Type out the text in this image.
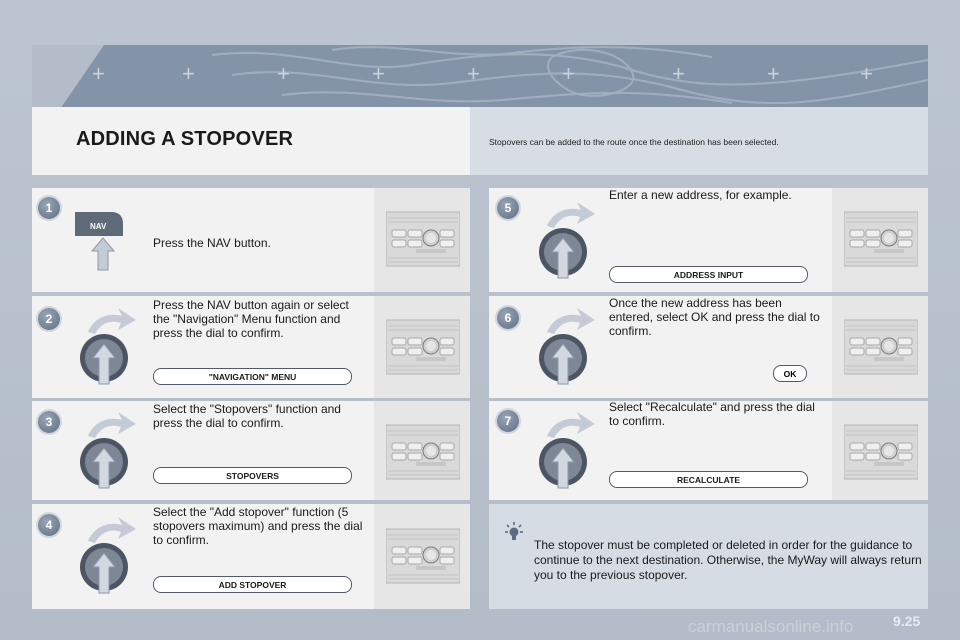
+	+	+	+	+	+	+	+	+
ADDING A STOPOVER	Stopovers can be added to the route once the destination has been selected.
1
NAV
Press the NAV button.
2
Press the NAV button again or select the "Navigation" Menu function and press the dial to confirm.
"NAVIGATION" MENU
3
Select the "Stopovers" function and press the dial to confirm.
STOPOVERS
4
Select the "Add stopover" function (5 stopovers maximum) and press the dial to confirm.
ADD STOPOVER
5
Enter a new address, for example.
ADDRESS INPUT
6
Once the new address has been entered, select OK and press the dial to confirm.
OK
7
Select "Recalculate" and press the dial to confirm.
RECALCULATE
The stopover must be completed or deleted in order for the guidance to continue to the next destination. Otherwise, the MyWay will always return you to the previous stopover.
carmanualsonline.info	9.25
